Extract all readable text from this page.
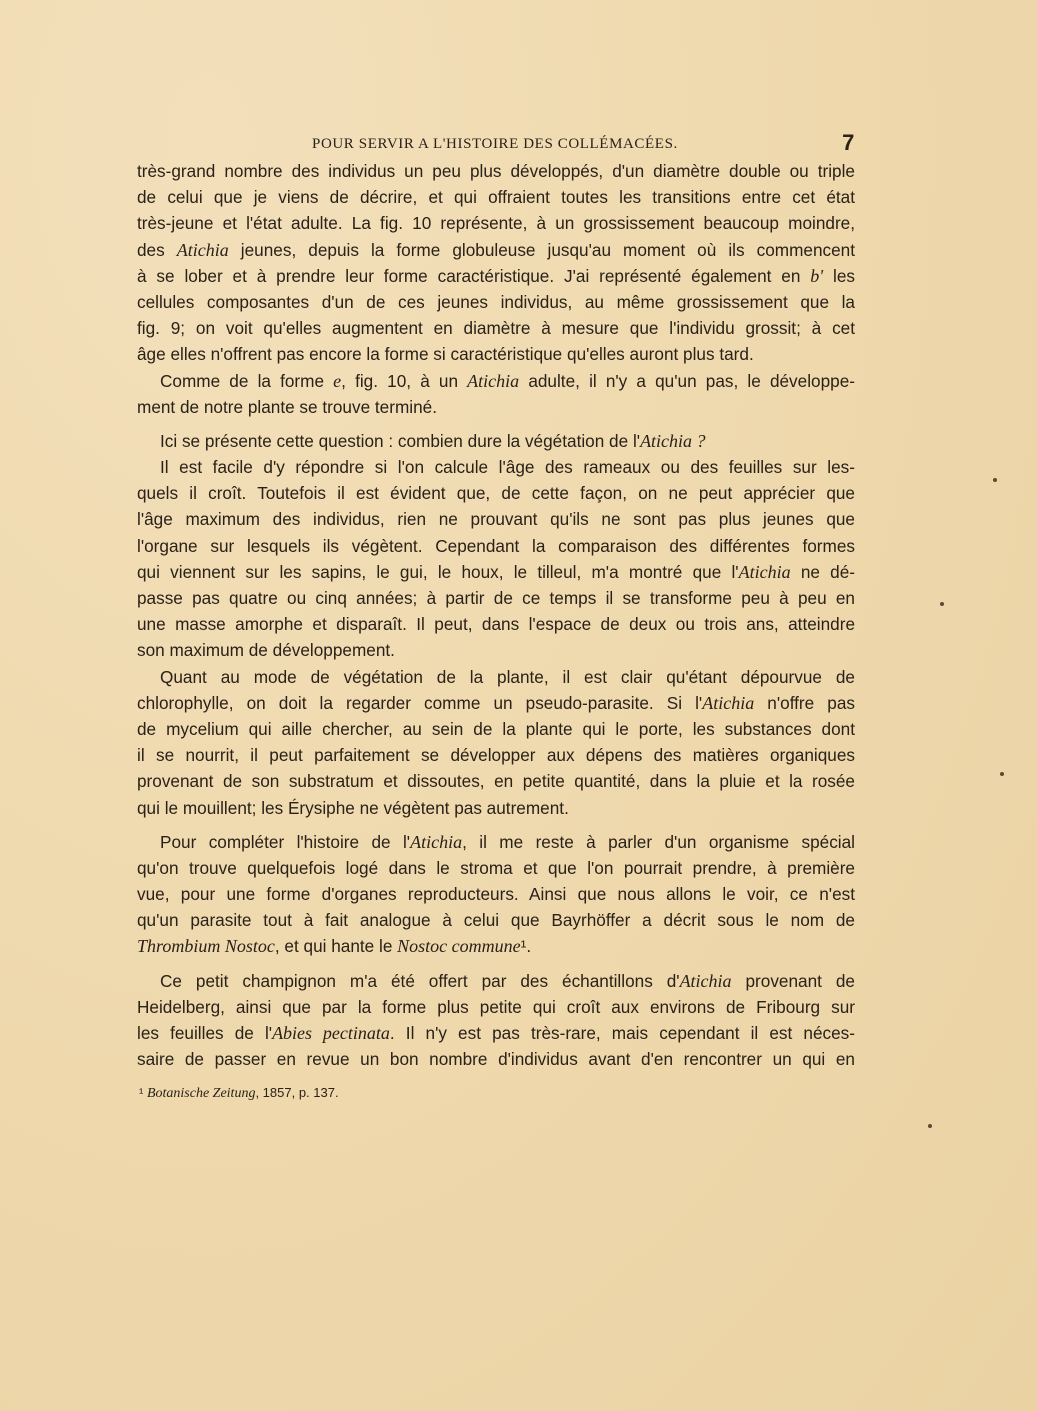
POUR SERVIR A L'HISTOIRE DES COLLÉMACÉES.	7
très-grand nombre des individus un peu plus développés, d'un diamètre double ou triple
de celui que je viens de décrire, et qui offraient toutes les transitions entre cet état
très-jeune et l'état adulte. La fig. 10 représente, à un grossissement beaucoup moindre,
des Atichia jeunes, depuis la forme globuleuse jusqu'au moment où ils commencent
à se lober et à prendre leur forme caractéristique. J'ai représenté également en b' les
cellules composantes d'un de ces jeunes individus, au même grossissement que la
fig. 9; on voit qu'elles augmentent en diamètre à mesure que l'individu grossit; à cet
âge elles n'offrent pas encore la forme si caractéristique qu'elles auront plus tard.
Comme de la forme e, fig. 10, à un Atichia adulte, il n'y a qu'un pas, le développe-
ment de notre plante se trouve terminé.
Ici se présente cette question : combien dure la végétation de l'Atichia ?
Il est facile d'y répondre si l'on calcule l'âge des rameaux ou des feuilles sur les-
quels il croît. Toutefois il est évident que, de cette façon, on ne peut apprécier que
l'âge maximum des individus, rien ne prouvant qu'ils ne sont pas plus jeunes que
l'organe sur lesquels ils végètent. Cependant la comparaison des différentes formes
qui viennent sur les sapins, le gui, le houx, le tilleul, m'a montré que l'Atichia ne dé-
passe pas quatre ou cinq années; à partir de ce temps il se transforme peu à peu en
une masse amorphe et disparaît. Il peut, dans l'espace de deux ou trois ans, atteindre
son maximum de développement.
Quant au mode de végétation de la plante, il est clair qu'étant dépourvue de
chlorophylle, on doit la regarder comme un pseudo-parasite. Si l'Atichia n'offre pas
de mycelium qui aille chercher, au sein de la plante qui le porte, les substances dont
il se nourrit, il peut parfaitement se développer aux dépens des matières organiques
provenant de son substratum et dissoutes, en petite quantité, dans la pluie et la rosée
qui le mouillent; les Érysiphe ne végètent pas autrement.
Pour compléter l'histoire de l'Atichia, il me reste à parler d'un organisme spécial
qu'on trouve quelquefois logé dans le stroma et que l'on pourrait prendre, à première
vue, pour une forme d'organes reproducteurs. Ainsi que nous allons le voir, ce n'est
qu'un parasite tout à fait analogue à celui que Bayrhöffer a décrit sous le nom de
Thrombium Nostoc, et qui hante le Nostoc commune¹.
Ce petit champignon m'a été offert par des échantillons d'Atichia provenant de
Heidelberg, ainsi que par la forme plus petite qui croît aux environs de Fribourg sur
les feuilles de l'Abies pectinata. Il n'y est pas très-rare, mais cependant il est néces-
saire de passer en revue un bon nombre d'individus avant d'en rencontrer un qui en
¹ Botanische Zeitung, 1857, p. 137.
